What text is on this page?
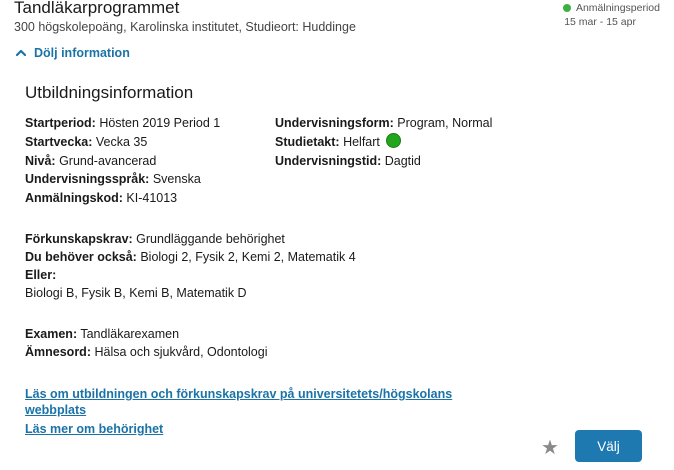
Tandläkarprogrammet
300 högskolepoäng, Karolinska institutet, Studieort: Huddinge
Anmälningsperiod
15 mar - 15 apr
Dölj information
Utbildningsinformation
Startperiod: Hösten 2019 Period 1
Startvecka: Vecka 35
Nivå: Grund-avancerad
Undervisningsspråk: Svenska
Anmälningskod: KI-41013
Undervisningsform: Program, Normal
Studietakt: Helfart
Undervisningstid: Dagtid
Förkunskapskrav: Grundläggande behörighet
Du behöver också: Biologi 2, Fysik 2, Kemi 2, Matematik 4
Eller:
Biologi B, Fysik B, Kemi B, Matematik D
Examen: Tandläkarexamen
Ämnesord: Hälsa och sjukvård, Odontologi
Läs om utbildningen och förkunskapskrav på universitetets/högskolans
webbplats
Läs mer om behörighet
★	Välj
